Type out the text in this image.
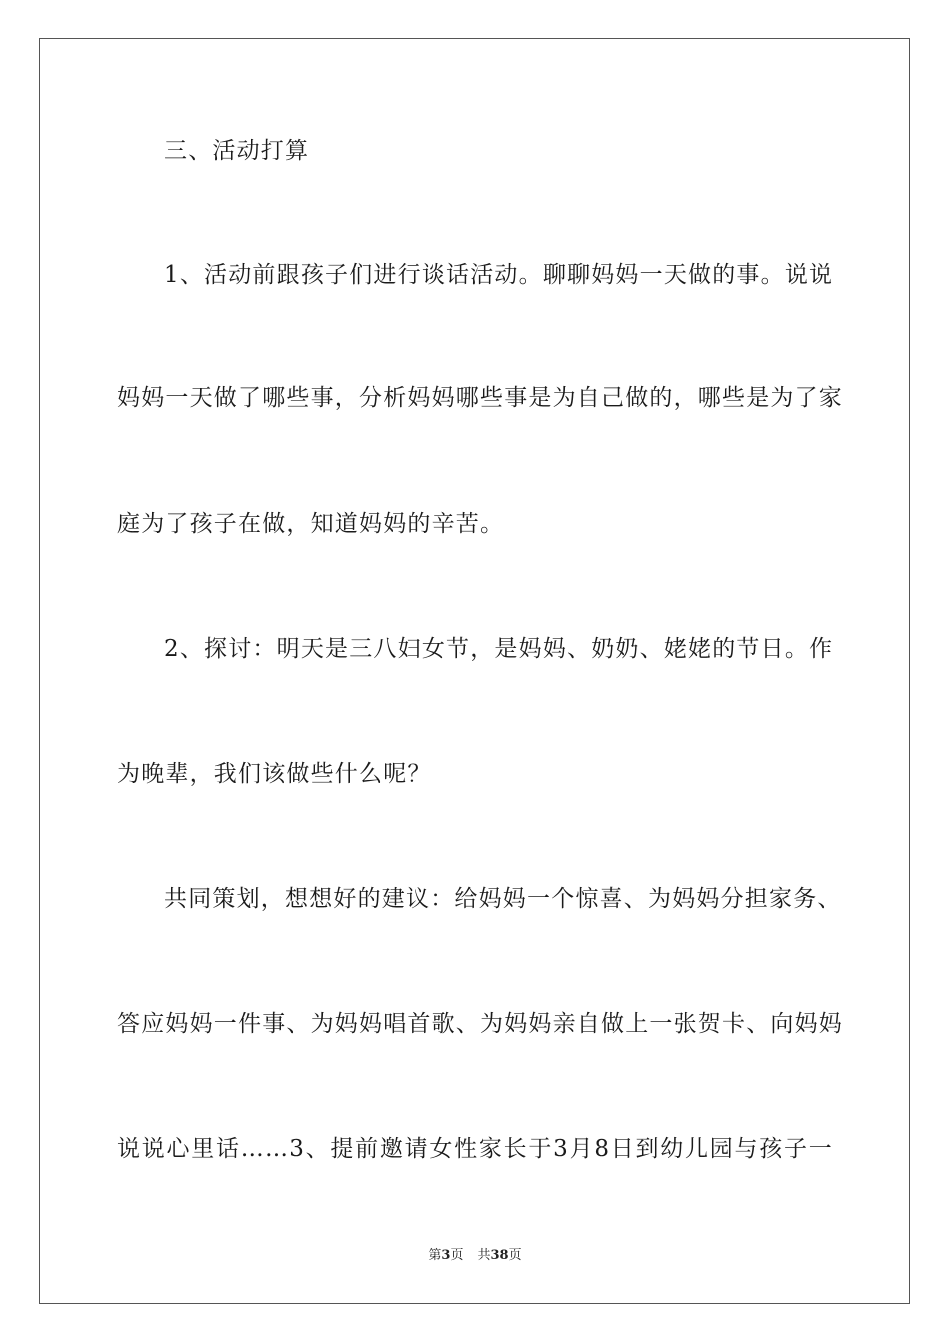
三、活动打算
1、活动前跟孩子们进行谈话活动。聊聊妈妈一天做的事。说说
妈妈一天做了哪些事，分析妈妈哪些事是为自己做的，哪些是为了家
庭为了孩子在做，知道妈妈的辛苦。
2、探讨：明天是三八妇女节，是妈妈、奶奶、姥姥的节日。作
为晚辈，我们该做些什么呢？
共同策划，想想好的建议：给妈妈一个惊喜、为妈妈分担家务、
答应妈妈一件事、为妈妈唱首歌、为妈妈亲自做上一张贺卡、向妈妈
说说心里话……3、提前邀请女性家长于3月8日到幼儿园与孩子一
第3页 共38页
